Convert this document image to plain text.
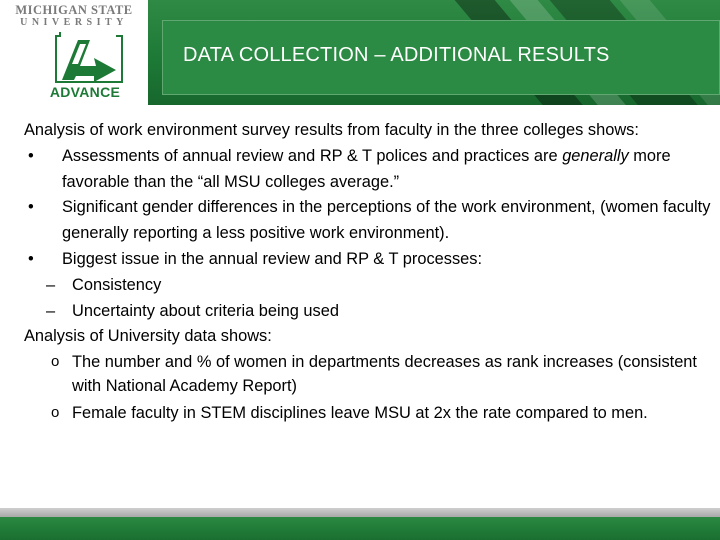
DATA COLLECTION – ADDITIONAL RESULTS
MICHIGAN STATE
UNIVERSITY
ADVANCE
Analysis of work environment survey results from faculty in the three colleges shows:
• Assessments of annual review and RP & T polices and practices are generally more favorable than the “all MSU colleges average.”
• Significant gender differences in the perceptions of the work environment, (women faculty generally reporting a less positive work environment).
• Biggest issue in the annual review and RP & T processes:
– Consistency
– Uncertainty about criteria being used
Analysis of University data shows:
o The number and % of women in departments decreases as rank increases (consistent with National Academy Report)
o Female faculty in STEM disciplines leave MSU at 2x the rate compared to men.
